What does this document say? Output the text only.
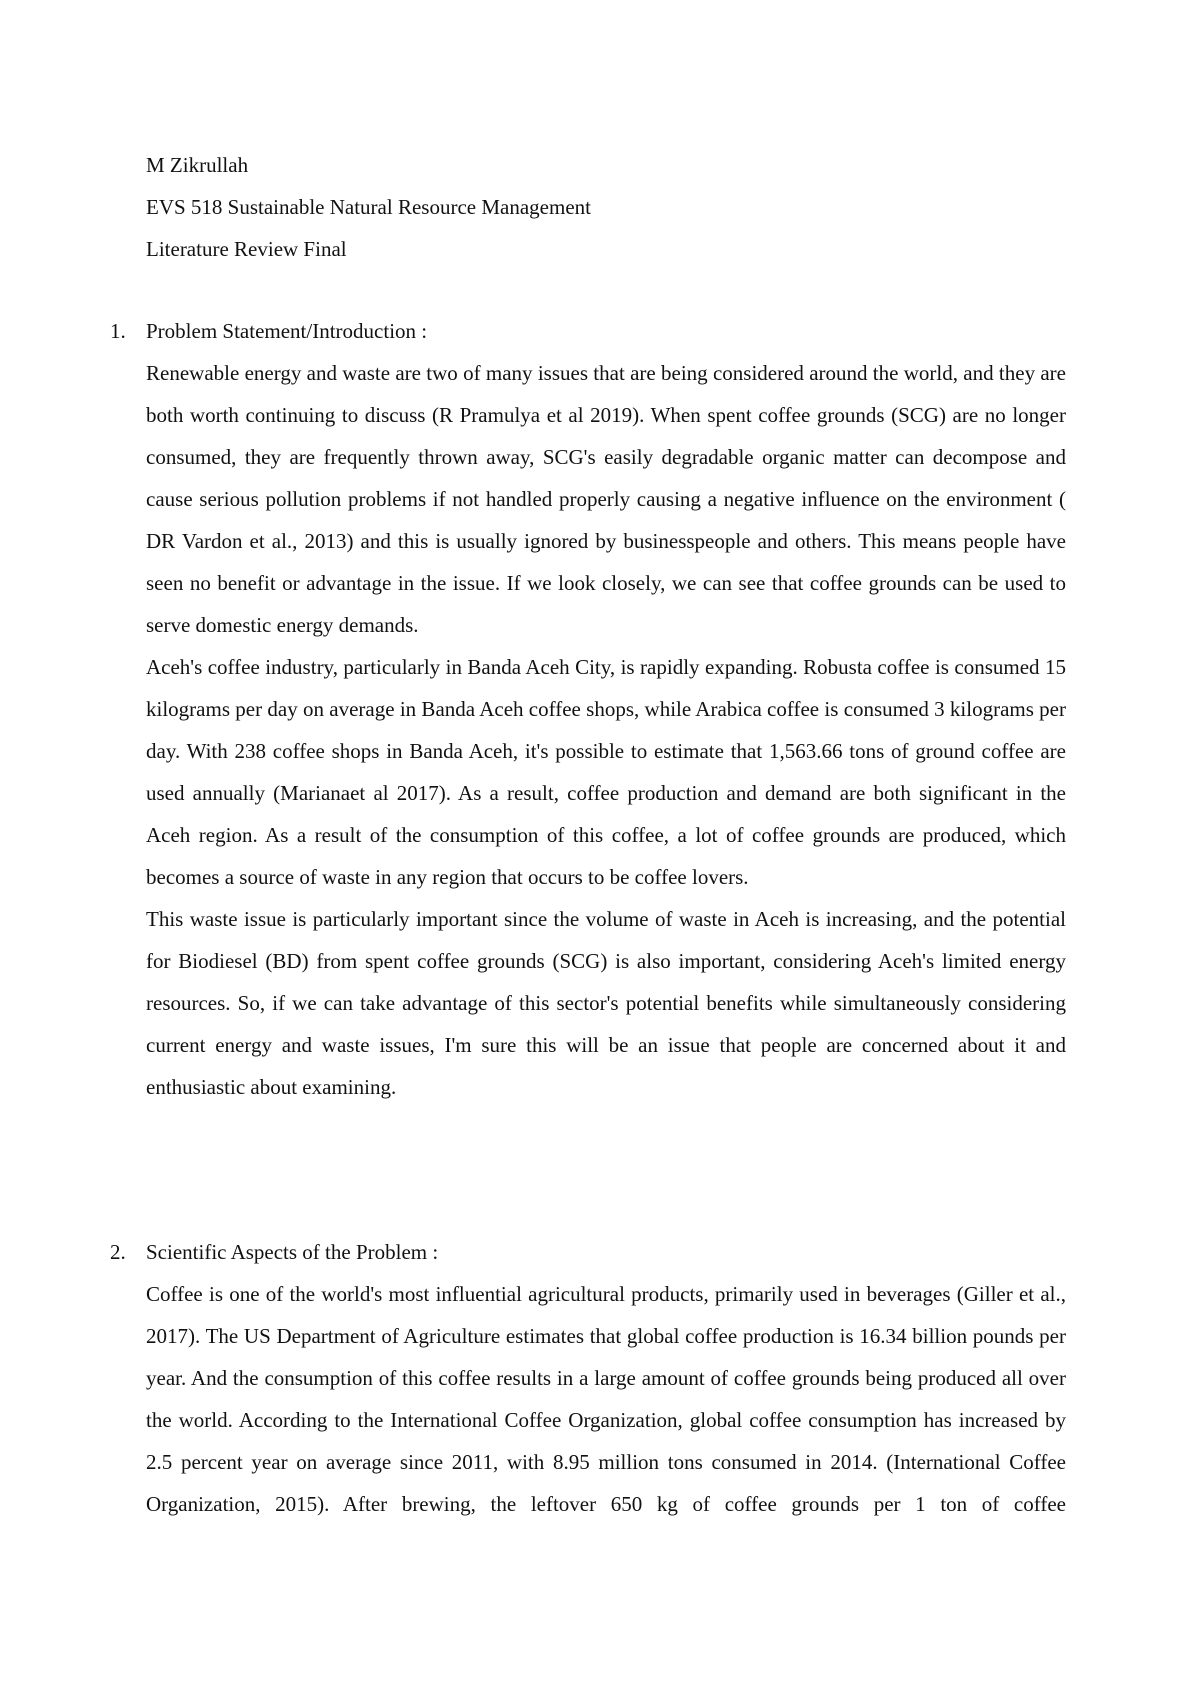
M Zikrullah
EVS 518 Sustainable Natural Resource Management
Literature Review Final
1. Problem Statement/Introduction :

Renewable energy and waste are two of many issues that are being considered around the world, and they are both worth continuing to discuss (R Pramulya et al 2019). When spent coffee grounds (SCG) are no longer consumed, they are frequently thrown away, SCG's easily degradable organic matter can decompose and cause serious pollution problems if not handled properly causing a negative influence on the environment ( DR Vardon et al., 2013) and this is usually ignored by businesspeople and others. This means people have seen no benefit or advantage in the issue. If we look closely, we can see that coffee grounds can be used to serve domestic energy demands.

Aceh's coffee industry, particularly in Banda Aceh City, is rapidly expanding. Robusta coffee is consumed 15 kilograms per day on average in Banda Aceh coffee shops, while Arabica coffee is consumed 3 kilograms per day. With 238 coffee shops in Banda Aceh, it's possible to estimate that 1,563.66 tons of ground coffee are used annually (Marianaet al 2017). As a result, coffee production and demand are both significant in the Aceh region. As a result of the consumption of this coffee, a lot of coffee grounds are produced, which becomes a source of waste in any region that occurs to be coffee lovers.

This waste issue is particularly important since the volume of waste in Aceh is increasing, and the potential for Biodiesel (BD) from spent coffee grounds (SCG) is also important, considering Aceh's limited energy resources. So, if we can take advantage of this sector's potential benefits while simultaneously considering current energy and waste issues, I'm sure this will be an issue that people are concerned about it and enthusiastic about examining.

2. Scientific Aspects of the Problem :

Coffee is one of the world's most influential agricultural products, primarily used in beverages (Giller et al., 2017). The US Department of Agriculture estimates that global coffee production is 16.34 billion pounds per year. And the consumption of this coffee results in a large amount of coffee grounds being produced all over the world. According to the International Coffee Organization, global coffee consumption has increased by 2.5 percent year on average since 2011, with 8.95 million tons consumed in 2014. (International Coffee Organization, 2015). After brewing, the leftover 650 kg of coffee grounds per 1 ton of coffee
